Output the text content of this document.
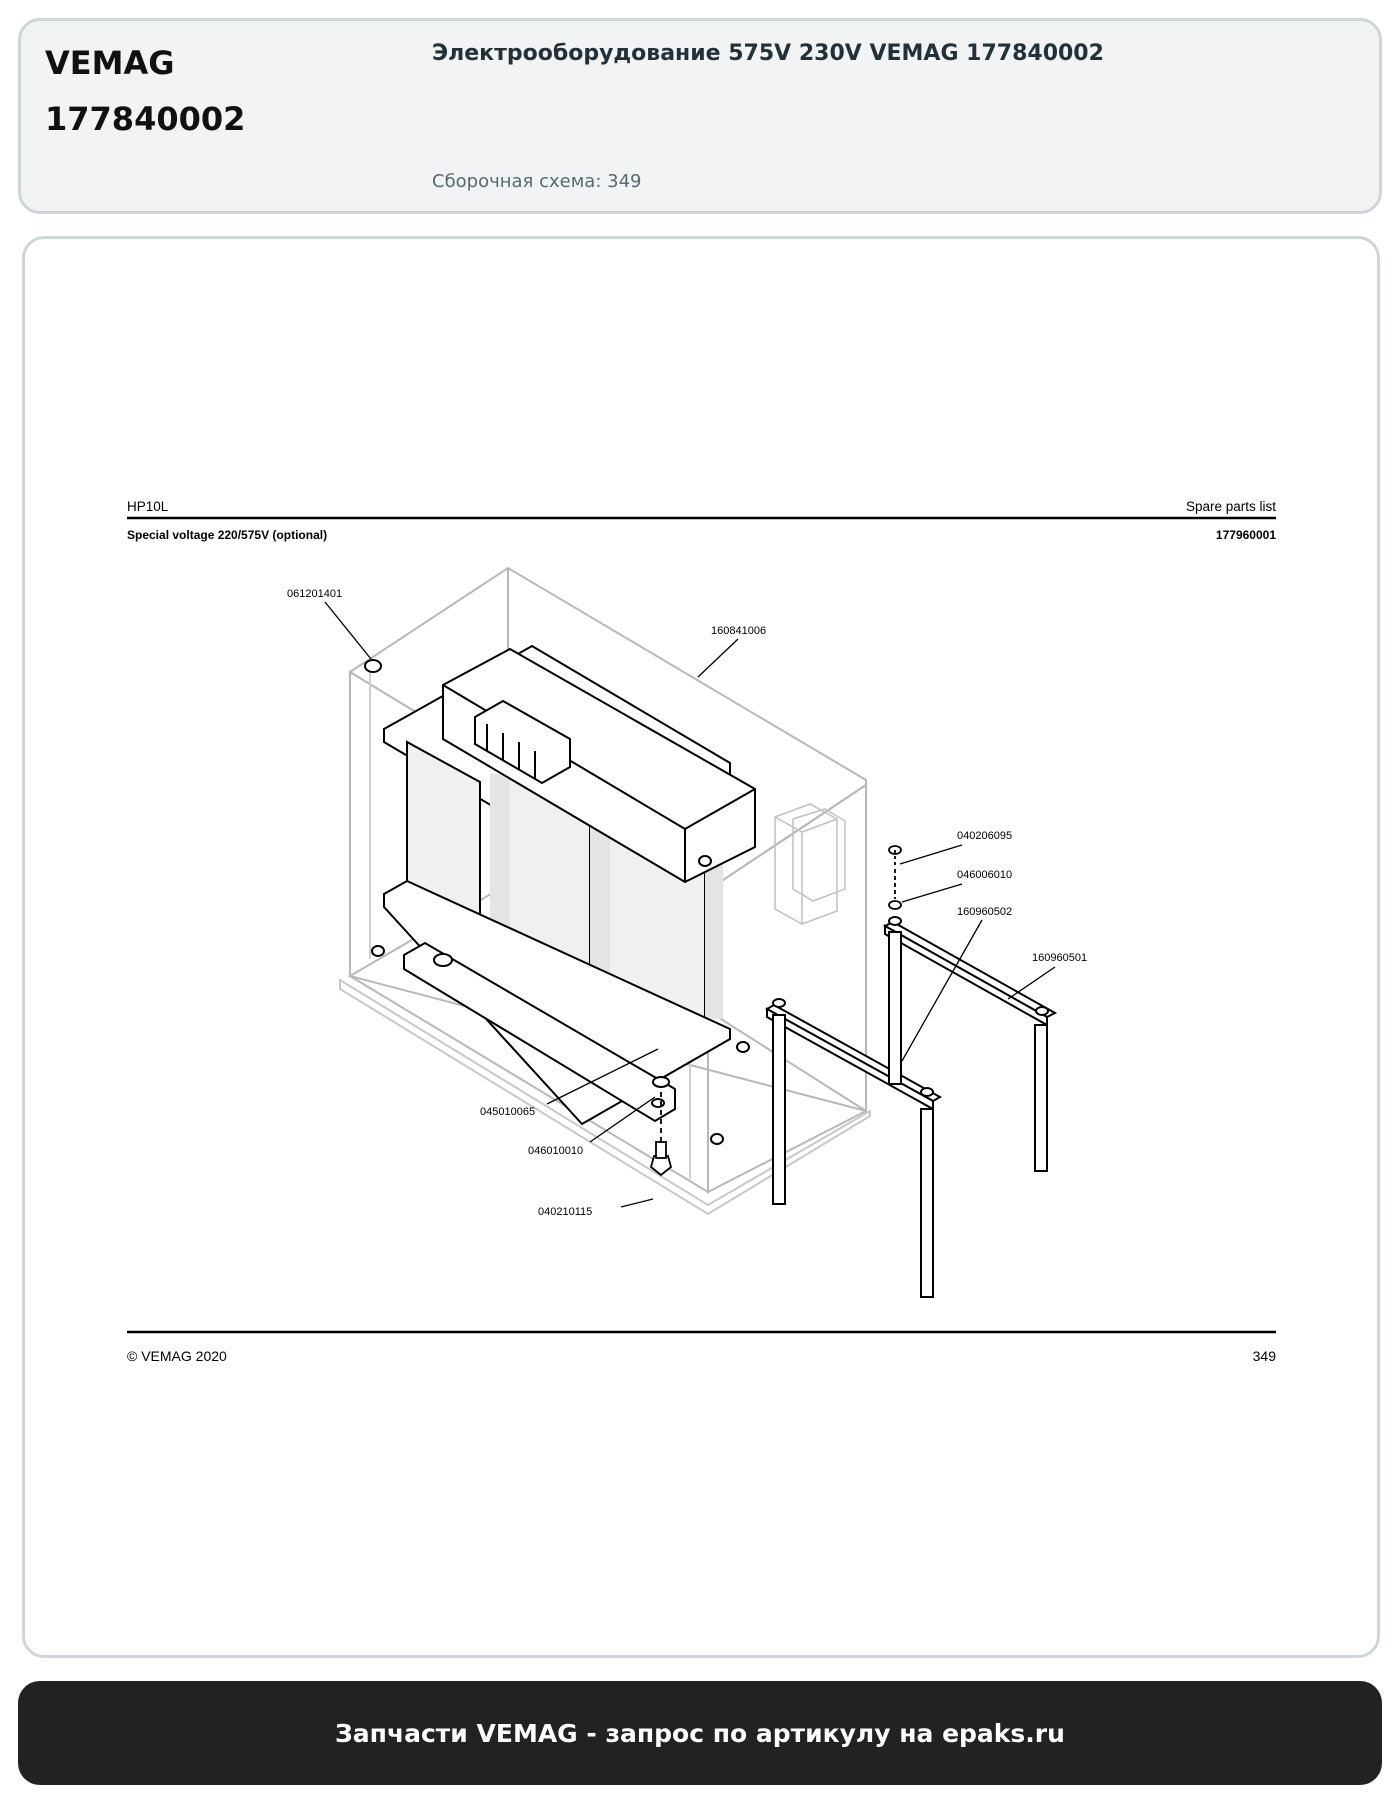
VEMAG
177840002
Электрооборудование 575V 230V VEMAG 177840002
Сборочная схема: 349
HP10L	Spare parts list
Special voltage 220/575V (optional)	177960001
© VEMAG 2020	349
061201401
160841006
040206095
046006010
160960502
160960501
045010065
046010010
040210115
Запчасти VEMAG - запрос по артикулу на epaks.ru
